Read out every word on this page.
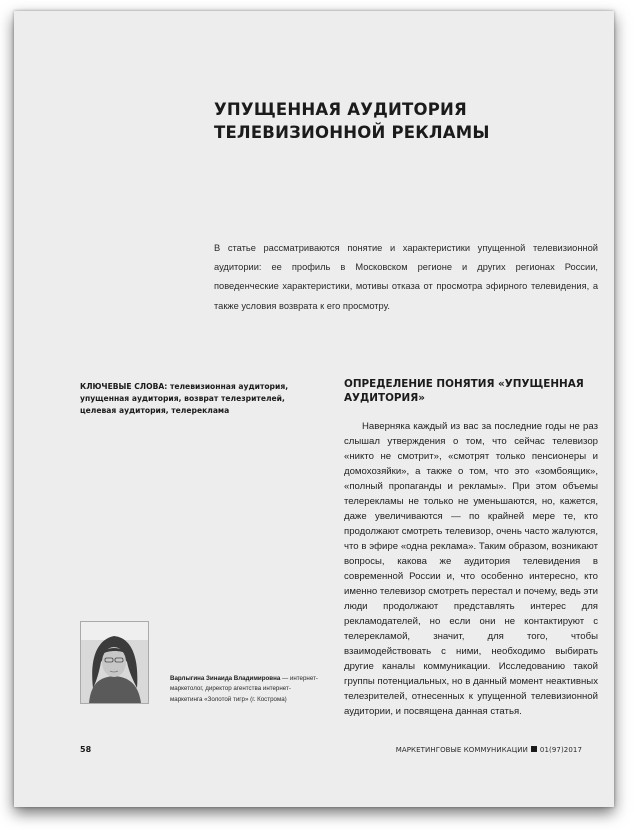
УПУЩЕННАЯ АУДИТОРИЯ ТЕЛЕВИЗИОННОЙ РЕКЛАМЫ

В статье рассматриваются понятие и характеристики упущенной телевизионной аудитории: ее профиль в Московском регионе и других регионах России, поведенческие характеристики, мотивы отказа от просмотра эфирного телевидения, а также условия возврата к его просмотру.

КЛЮЧЕВЫЕ СЛОВА: телевизионная аудитория, упущенная аудитория, возврат телезрителей, целевая аудитория, телереклама

ОПРЕДЕЛЕНИЕ ПОНЯТИЯ «УПУЩЕННАЯ АУДИТОРИЯ»

Наверняка каждый из вас за последние годы не раз слышал утверждения о том, что сейчас телевизор «никто не смотрит», «смотрят только пенсионеры и домохозяйки», а также о том, что это «зомбоящик», «полный пропаганды и рекламы». При этом объемы телерекламы не только не уменьшаются, но, кажется, даже увеличиваются — по крайней мере те, кто продолжают смотреть телевизор, очень часто жалуются, что в эфире «одна реклама». Таким образом, возникают вопросы, какова же аудитория телевидения в современной России и, что особенно интересно, кто именно телевизор смотреть перестал и почему, ведь эти люди продолжают представлять интерес для рекламодателей, но если они не контактируют с телерекламой, значит, для того, чтобы взаимодействовать с ними, необходимо выбирать другие каналы коммуникации. Исследованию такой группы потенциальных, но в данный момент неактивных телезрителей, отнесенных к упущенной телевизионной аудитории, и посвящена данная статья.

Варлыгина Зинаида Владимировна — интернет-маркетолог, директор агентства интернет-маркетинга «Золотой тигр» (г. Кострома)

58	МАРКЕТИНГОВЫЕ КОММУНИКАЦИИ 01(97)2017
